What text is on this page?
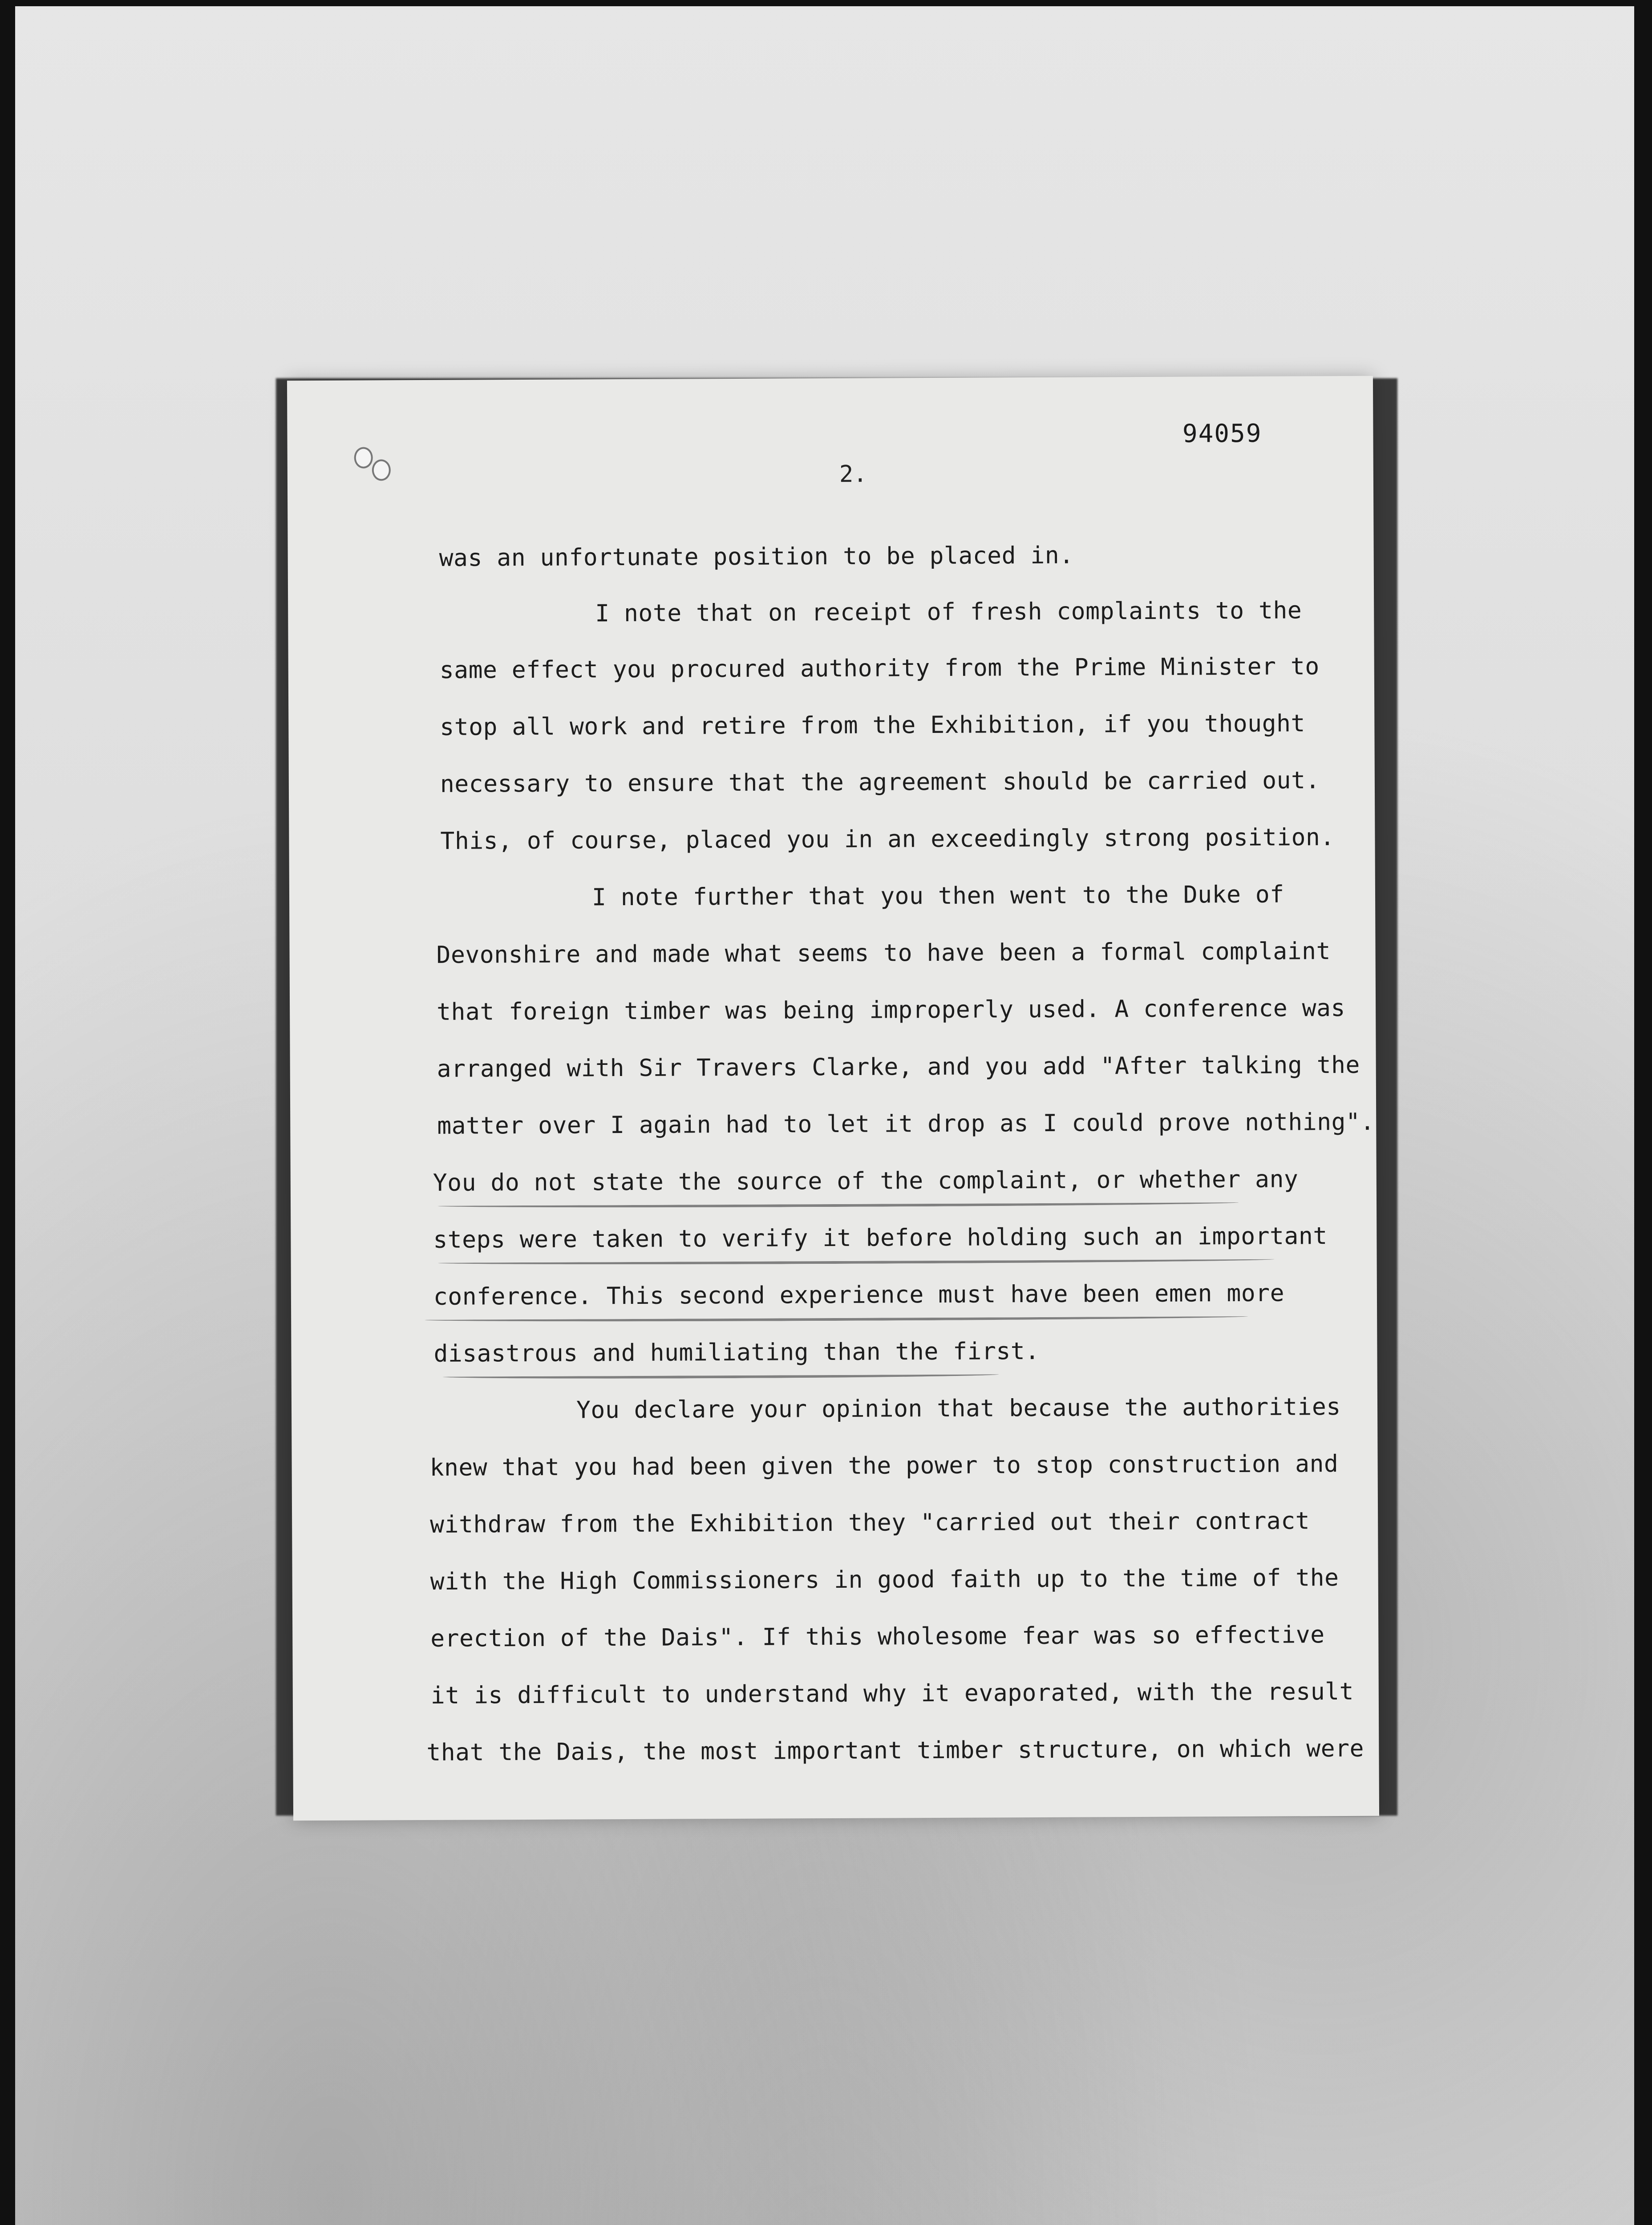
94059
2.
was an unfortunate position to be placed in.
I note that on receipt of fresh complaints to the
same effect you procured authority from the Prime Minister to
stop all work and retire from the Exhibition, if you thought
necessary to ensure that the agreement should be carried out.
This, of course, placed you in an exceedingly strong position.
I note further that you then went to the Duke of
Devonshire and made what seems to have been a formal complaint
that foreign timber was being improperly used. A conference was
arranged with Sir Travers Clarke, and you add "After talking the
matter over I again had to let it drop as I could prove nothing".
You do not state the source of the complaint, or whether any
steps were taken to verify it before holding such an important
conference. This second experience must have been emen more
disastrous and humiliating than the first.
You declare your opinion that because the authorities
knew that you had been given the power to stop construction and
withdraw from the Exhibition they "carried out their contract
with the High Commissioners in good faith up to the time of the
erection of the Dais". If this wholesome fear was so effective
it is difficult to understand why it evaporated, with the result
that the Dais, the most important timber structure, on which were
